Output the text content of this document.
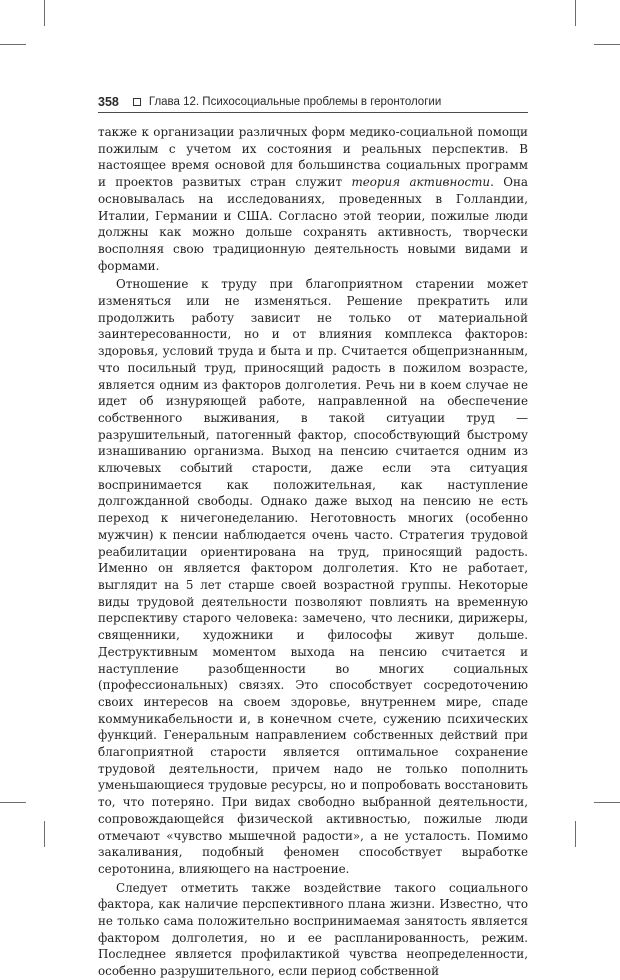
358	Глава 12. Психосоциальные проблемы в геронтологии

также к организации различных форм медико-социальной помощи пожилым с учетом их состояния и реальных перспектив. В настоящее время основой для большинства социальных программ и проектов развитых стран служит теория активности. Она основывалась на исследованиях, проведенных в Голландии, Италии, Германии и США. Согласно этой теории, пожилые люди должны как можно дольше сохранять активность, творчески восполняя свою традиционную деятельность новыми видами и формами.

Отношение к труду при благоприятном старении может изменяться или не изменяться. Решение прекратить или продолжить работу зависит не только от материальной заинтересованности, но и от влияния комплекса факторов: здоровья, условий труда и быта и пр. Считается общепризнанным, что посильный труд, приносящий радость в пожилом возрасте, является одним из факторов долголетия. Речь ни в коем случае не идет об изнуряющей работе, направленной на обеспечение собственного выживания, в такой ситуации труд — разрушительный, патогенный фактор, способствующий быстрому изнашиванию организма. Выход на пенсию считается одним из ключевых событий старости, даже если эта ситуация воспринимается как положительная, как наступление долгожданной свободы. Однако даже выход на пенсию не есть переход к ничегонеделанию. Неготовность многих (особенно мужчин) к пенсии наблюдается очень часто. Стратегия трудовой реабилитации ориентирована на труд, приносящий радость. Именно он является фактором долголетия. Кто не работает, выглядит на 5 лет старше своей возрастной группы. Некоторые виды трудовой деятельности позволяют повлиять на временную перспективу старого человека: замечено, что лесники, дирижеры, священники, художники и философы живут дольше. Деструктивным моментом выхода на пенсию считается и наступление разобщенности во многих социальных (профессиональных) связях. Это способствует сосредоточению своих интересов на своем здоровье, внутреннем мире, спаде коммуникабельности и, в конечном счете, сужению психических функций. Генеральным направлением собственных действий при благоприятной старости является оптимальное сохранение трудовой деятельности, причем надо не только пополнить уменьшающиеся трудовые ресурсы, но и попробовать восстановить то, что потеряно. При видах свободно выбранной деятельности, сопровождающейся физической активностью, пожилые люди отмечают «чувство мышечной радости», а не усталость. Помимо закаливания, подобный феномен способствует выработке серотонина, влияющего на настроение.

Следует отметить также воздействие такого социального фактора, как наличие перспективного плана жизни. Известно, что не только сама положительно воспринимаемая занятость является фактором долголетия, но и ее распланированность, режим. Последнее является профилактикой чувства неопределенности, особенно разрушительного, если период собственной
